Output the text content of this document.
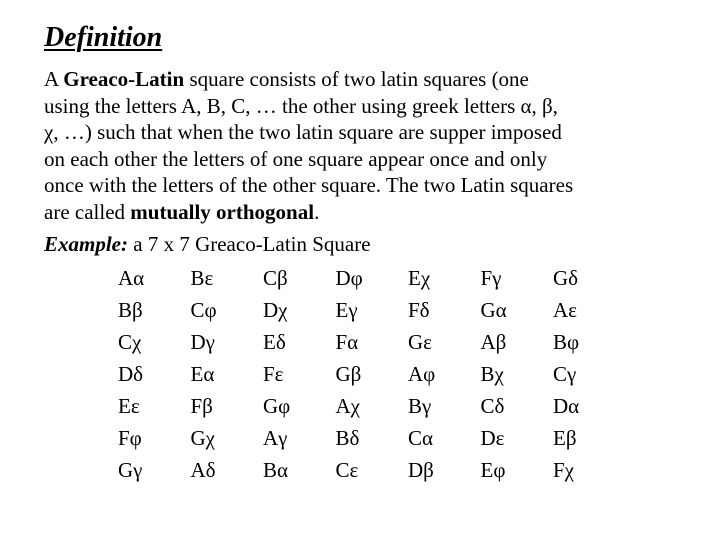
Definition

A Greaco-Latin square consists of two latin squares (one
using the letters A, B, C, … the other using greek letters α, β,
χ, …) such that when the two latin square are supper imposed
on each other the letters of one square appear once and only
once with the letters of the other square. The two Latin squares
are called mutually orthogonal.

Example: a 7 x 7 Greaco-Latin Square
Aα	Bε	Cβ	Dφ	Eχ	Fγ	Gδ
Bβ	Cφ	Dχ	Eγ	Fδ	Gα	Aε
Cχ	Dγ	Eδ	Fα	Gε	Aβ	Bφ
Dδ	Eα	Fε	Gβ	Aφ	Bχ	Cγ
Eε	Fβ	Gφ	Aχ	Bγ	Cδ	Dα
Fφ	Gχ	Aγ	Bδ	Cα	Dε	Eβ
Gγ	Aδ	Bα	Cε	Dβ	Eφ	Fχ
